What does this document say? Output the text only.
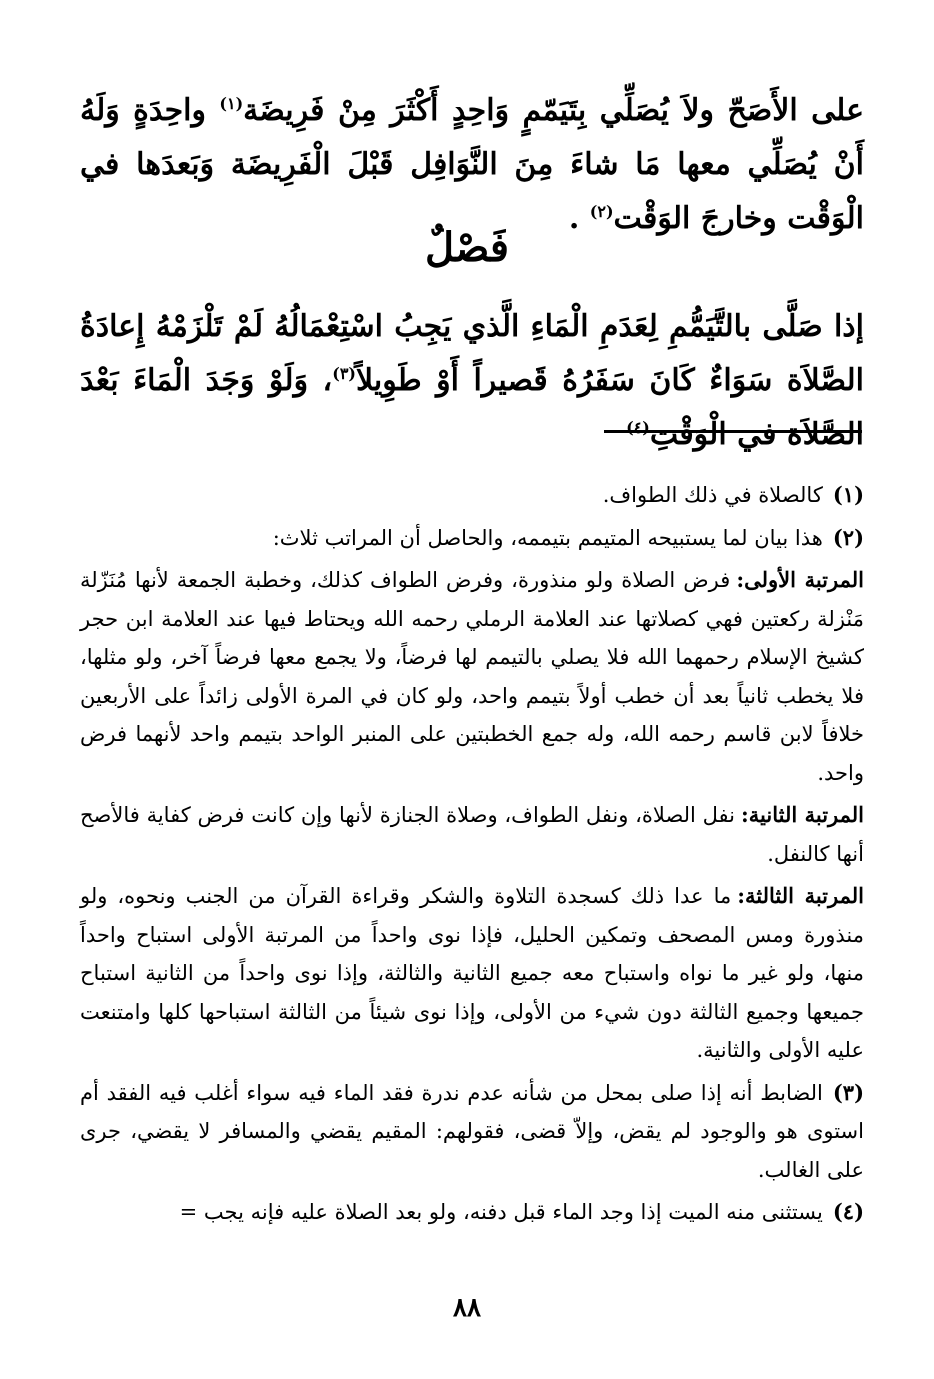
على الأَصَحّ ولاَ يُصَلِّي بِتَيَمّمٍ وَاحِدٍ أَكْثَرَ مِنْ فَرِيضَة$^{(١)}$ واحِدَةٍ وَلَهُ أَنْ يُصَلِّي معها مَا شاءَ مِنَ النَّوَافِل قَبْلَ الْفَرِيضَة وَبَعدَها في الْوَقْت وخارجَ الوَقْت$^{(٢)}$ .

فَصْلٌ

إذا صَلَّى بالتَّيَمُّمِ لِعَدَمِ الْمَاءِ الَّذي يَجِبُ اسْتِعْمَالُهُ لَمْ تَلْزَمْهُ إِعادَةُ الصَّلاَة سَوَاءٌ كَانَ سَفَرُهُ قَصيراً أَوْ طَوِيلاً$^{(٣)}$، وَلَوْ وَجَدَ الْمَاءَ بَعْدَ الصَّلاَة في الْوَقْتِ$^{(٤)}$

(١)كالصلاة في ذلك الطواف.

(٢)هذا بيان لما يستبيحه المتيمم بتيممه، والحاصل أن المراتب ثلاث:

المرتبة الأولى:فرض الصلاة ولو منذورة، وفرض الطواف كذلك، وخطبة الجمعة لأنها مُنَزّلة مَنْزلة ركعتين فهي كصلاتها عند العلامة الرملي رحمه الله ويحتاط فيها عند العلامة ابن حجر كشيخ الإسلام رحمهما الله فلا يصلي بالتيمم لها فرضاً، ولا يجمع معها فرضاً آخر، ولو مثلها، فلا يخطب ثانياً بعد أن خطب أولاً بتيمم واحد، ولو كان في المرة الأولى زائداً على الأربعين خلافاً لابن قاسم رحمه الله، وله جمع الخطبتين على المنبر الواحد بتيمم واحد لأنهما فرض واحد.

المرتبة الثانية:نفل الصلاة، ونفل الطواف، وصلاة الجنازة لأنها وإن كانت فرض كفاية فالأصح أنها كالنفل.

المرتبة الثالثة:ما عدا ذلك كسجدة التلاوة والشكر وقراءة القرآن من الجنب ونحوه، ولو منذورة ومس المصحف وتمكين الحليل، فإذا نوى واحداً من المرتبة الأولى استباح واحداً منها، ولو غير ما نواه واستباح معه جميع الثانية والثالثة، وإذا نوى واحداً من الثانية استباح جميعها وجميع الثالثة دون شيء من الأولى، وإذا نوى شيئاً من الثالثة استباحها كلها وامتنعت عليه الأولى والثانية.

(٣)الضابط أنه إذا صلى بمحل من شأنه عدم ندرة فقد الماء فيه سواء أغلب فيه الفقد أم استوى هو والوجود لم يقض، وإلاّ قضى، فقولهم: المقيم يقضي والمسافر لا يقضي، جرى على الغالب.

(٤)يستثنى منه الميت إذا وجد الماء قبل دفنه، ولو بعد الصلاة عليه فإنه يجب =

٨٨
